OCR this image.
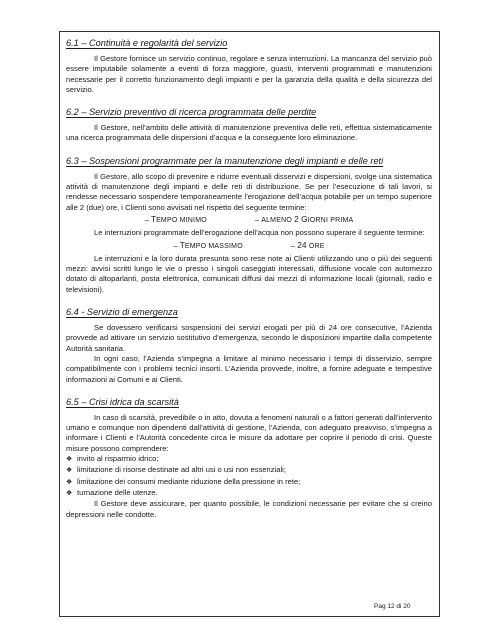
6.1 – Continuità e regolarità del servizio

Il Gestore fornisce un servizio continuo, regolare e senza interruzioni. La mancanza del servizio può essere imputabile solamente a eventi di forza maggiore, guasti, interventi programmati e manutenzioni necessarie per il corretto funzionamento degli impianti e per la garanzia della qualità e della sicurezza del servizio.

6.2 – Servizio preventivo di ricerca programmata delle perdite

Il Gestore, nell’ambito delle attività di manutenzione preventiva delle reti, effettua sistematicamente una ricerca programmata delle dispersioni d’acqua e la conseguente loro eliminazione.

6.3 – Sospensioni programmate per la manutenzione degli impianti e delle reti

Il Gestore, allo scopo di prevenire e ridurre eventuali disservizi e dispersioni, svolge una sistematica attività di manutenzione degli impianti e delle reti di distribuzione. Se per l’esecuzione di tali lavori, si rendesse necessario sospendere temporaneamente l’erogazione dell’acqua potabile per un tempo superiore alle 2 (due) ore, i Clienti sono avvisati nel rispetto del seguente termine:

– TEMPO MINIMO	– ALMENO 2 GIORNI PRIMA

Le interruzioni programmate dell’erogazione dell’acqua non possono superare il seguente termine:

– TEMPO MASSIMO	– 24 ORE

Le interruzioni e la loro durata presunta sono rese note ai Clienti utilizzando uno o più dei seguenti mezzi: avvisi scritti lungo le vie o presso i singoli caseggiati interessati, diffusione vocale con automezzo dotato di altoparlanti, posta elettronica, comunicati diffusi dai mezzi di informazione locali (giornali, radio e televisioni).

6.4 - Servizio di emergenza

Se dovessero verificarsi sospensioni dei servizi erogati per più di 24 ore consecutive, l’Azienda provvede ad attivare un servizio sostitutivo d’emergenza, secondo le disposizioni impartite dalla competente Autorità sanitaria.

In ogni caso, l’Azienda s’impegna a limitare al minimo necessario i tempi di disservizio, sempre compatibilmente con i problemi tecnici insorti. L’Azienda provvede, inoltre, a fornire adeguate e tempestive informazioni ai Comuni e ai Clienti.

6.5 – Crisi idrica da scarsità

In caso di scarsità, prevedibile o in atto, dovuta a fenomeni naturali o a fattori generati dall’intervento umano e comunque non dipendenti dall’attività di gestione, l’Azienda, con adeguato preavviso, s’impegna a informare i Clienti e l’Autorità concedente circa le misure da adottare per coprire il periodo di crisi. Queste misure possono comprendere:

❖ invito al risparmio idrico;
❖ limitazione di risorse destinate ad altri usi o usi non essenziali;
❖ limitazione dei consumi mediante riduzione della pressione in rete;
❖ turnazione delle utenze.

Il Gestore deve assicurare, per quanto possibile, le condizioni necessarie per evitare che si creino depressioni nelle condotte.

Pag 12 di 20
